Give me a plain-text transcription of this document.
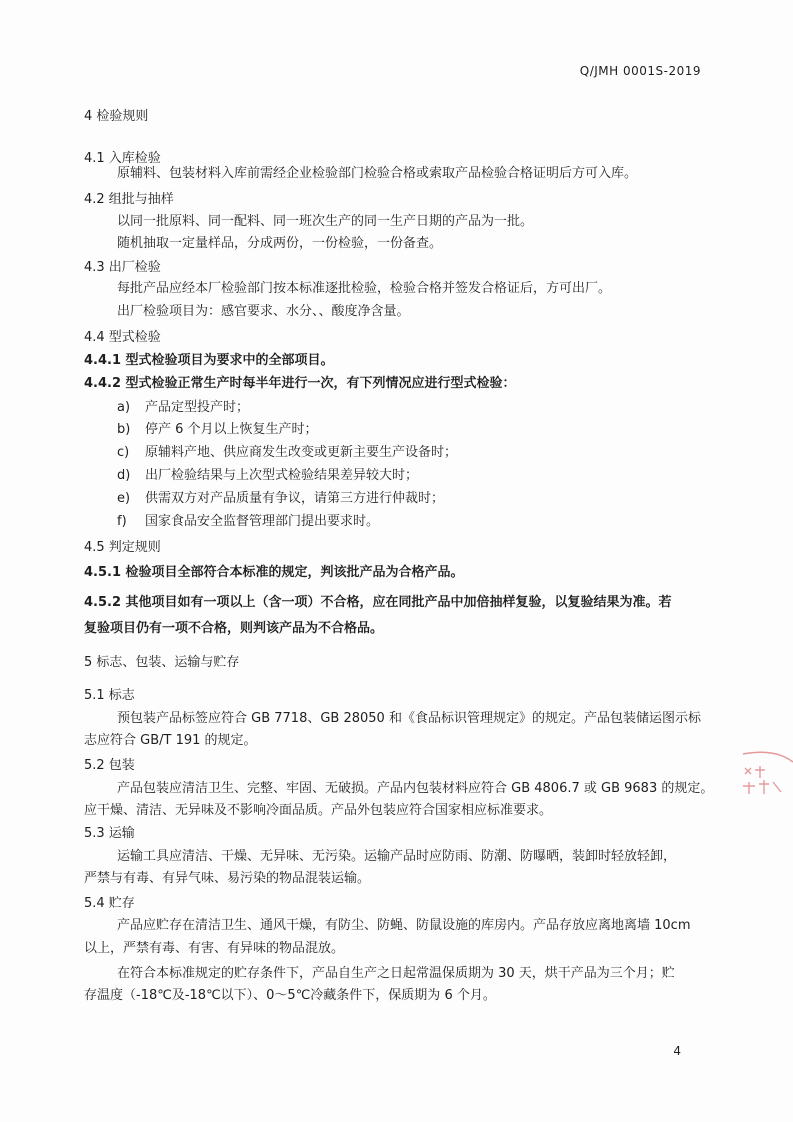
Q/JMH 0001S-2019
4 检验规则
4.1 入库检验
原辅料、包装材料入库前需经企业检验部门检验合格或索取产品检验合格证明后方可入库。
4.2 组批与抽样
以同一批原料、同一配料、同一班次生产的同一生产日期的产品为一批。
随机抽取一定量样品，分成两份，一份检验，一份备查。
4.3 出厂检验
每批产品应经本厂检验部门按本标准逐批检验，检验合格并签发合格证后，方可出厂。
出厂检验项目为：感官要求、水分、、酸度净含量。
4.4 型式检验
4.4.1 型式检验项目为要求中的全部项目。
4.4.2 型式检验正常生产时每半年进行一次，有下列情况应进行型式检验：
a) 产品定型投产时；
b) 停产 6 个月以上恢复生产时；
c) 原辅料产地、供应商发生改变或更新主要生产设备时；
d) 出厂检验结果与上次型式检验结果差异较大时；
e) 供需双方对产品质量有争议，请第三方进行仲裁时；
f) 国家食品安全监督管理部门提出要求时。
4.5 判定规则
4.5.1 检验项目全部符合本标准的规定，判该批产品为合格产品。
4.5.2 其他项目如有一项以上（含一项）不合格，应在同批产品中加倍抽样复验，以复验结果为准。若
复验项目仍有一项不合格，则判该产品为不合格品。
5 标志、包装、运输与贮存
5.1 标志
预包装产品标签应符合 GB 7718、GB 28050 和《食品标识管理规定》的规定。产品包装储运图示标
志应符合 GB/T 191 的规定。
5.2 包装
产品包装应清洁卫生、完整、牢固、无破损。产品内包装材料应符合 GB 4806.7 或 GB 9683 的规定。
应干燥、清洁、无异味及不影响冷面品质。产品外包装应符合国家相应标准要求。
5.3 运输
运输工具应清洁、干燥、无异味、无污染。运输产品时应防雨、防潮、防曝晒，装卸时轻放轻卸，
严禁与有毒、有异气味、易污染的物品混装运输。
5.4 贮存
产品应贮存在清洁卫生、通风干燥，有防尘、防蝇、防鼠设施的库房内。产品存放应离地离墙 10cm
以上，严禁有毒、有害、有异味的物品混放。
在符合本标准规定的贮存条件下，产品自生产之日起常温保质期为 30 天，烘干产品为三个月；贮
存温度（-18℃及-18℃以下）、0～5℃冷藏条件下，保质期为 6 个月。
4
